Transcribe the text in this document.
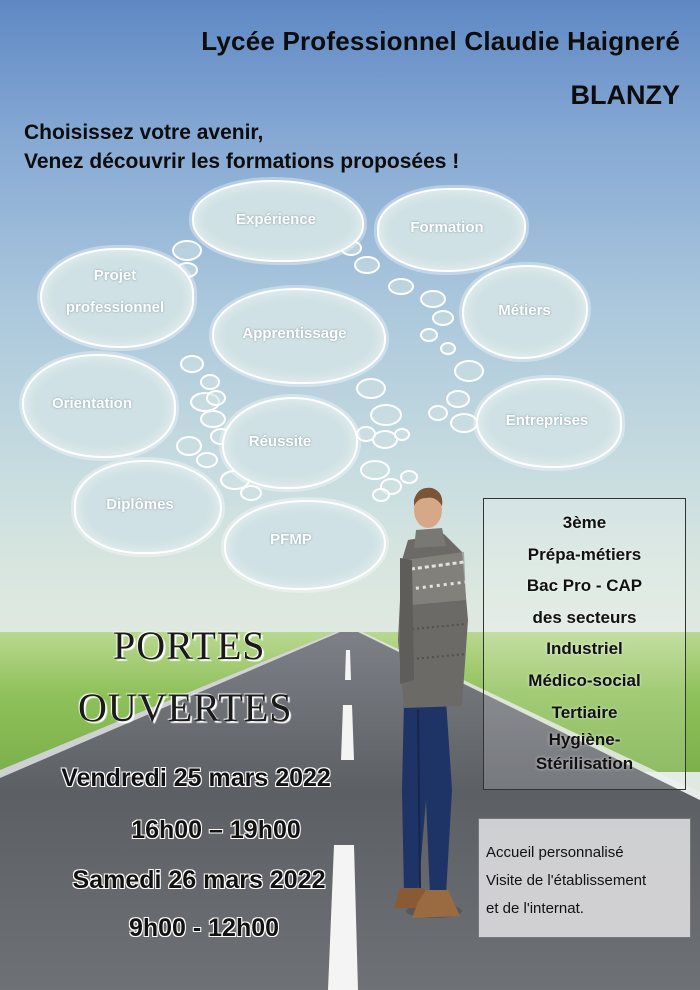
Expérience	Formation
Projet
professionnel
Apprentissage
Métiers
Orientation
Entreprises
Réussite
Diplômes
PFMP
Lycée Professionnel Claudie Haigneré
BLANZY
Choisissez votre avenir,
Venez découvrir les formations proposées !
PORTES
OUVERTES
Vendredi 25 mars 2022
16h00 – 19h00
Samedi 26 mars 2022
9h00 - 12h00
3ème
Prépa-métiers
Bac Pro - CAP
des secteurs
Industriel
Médico-social
Tertiaire
Hygiène-
Stérilisation
Accueil personnalisé
Visite de l'établissement
et de l'internat.
